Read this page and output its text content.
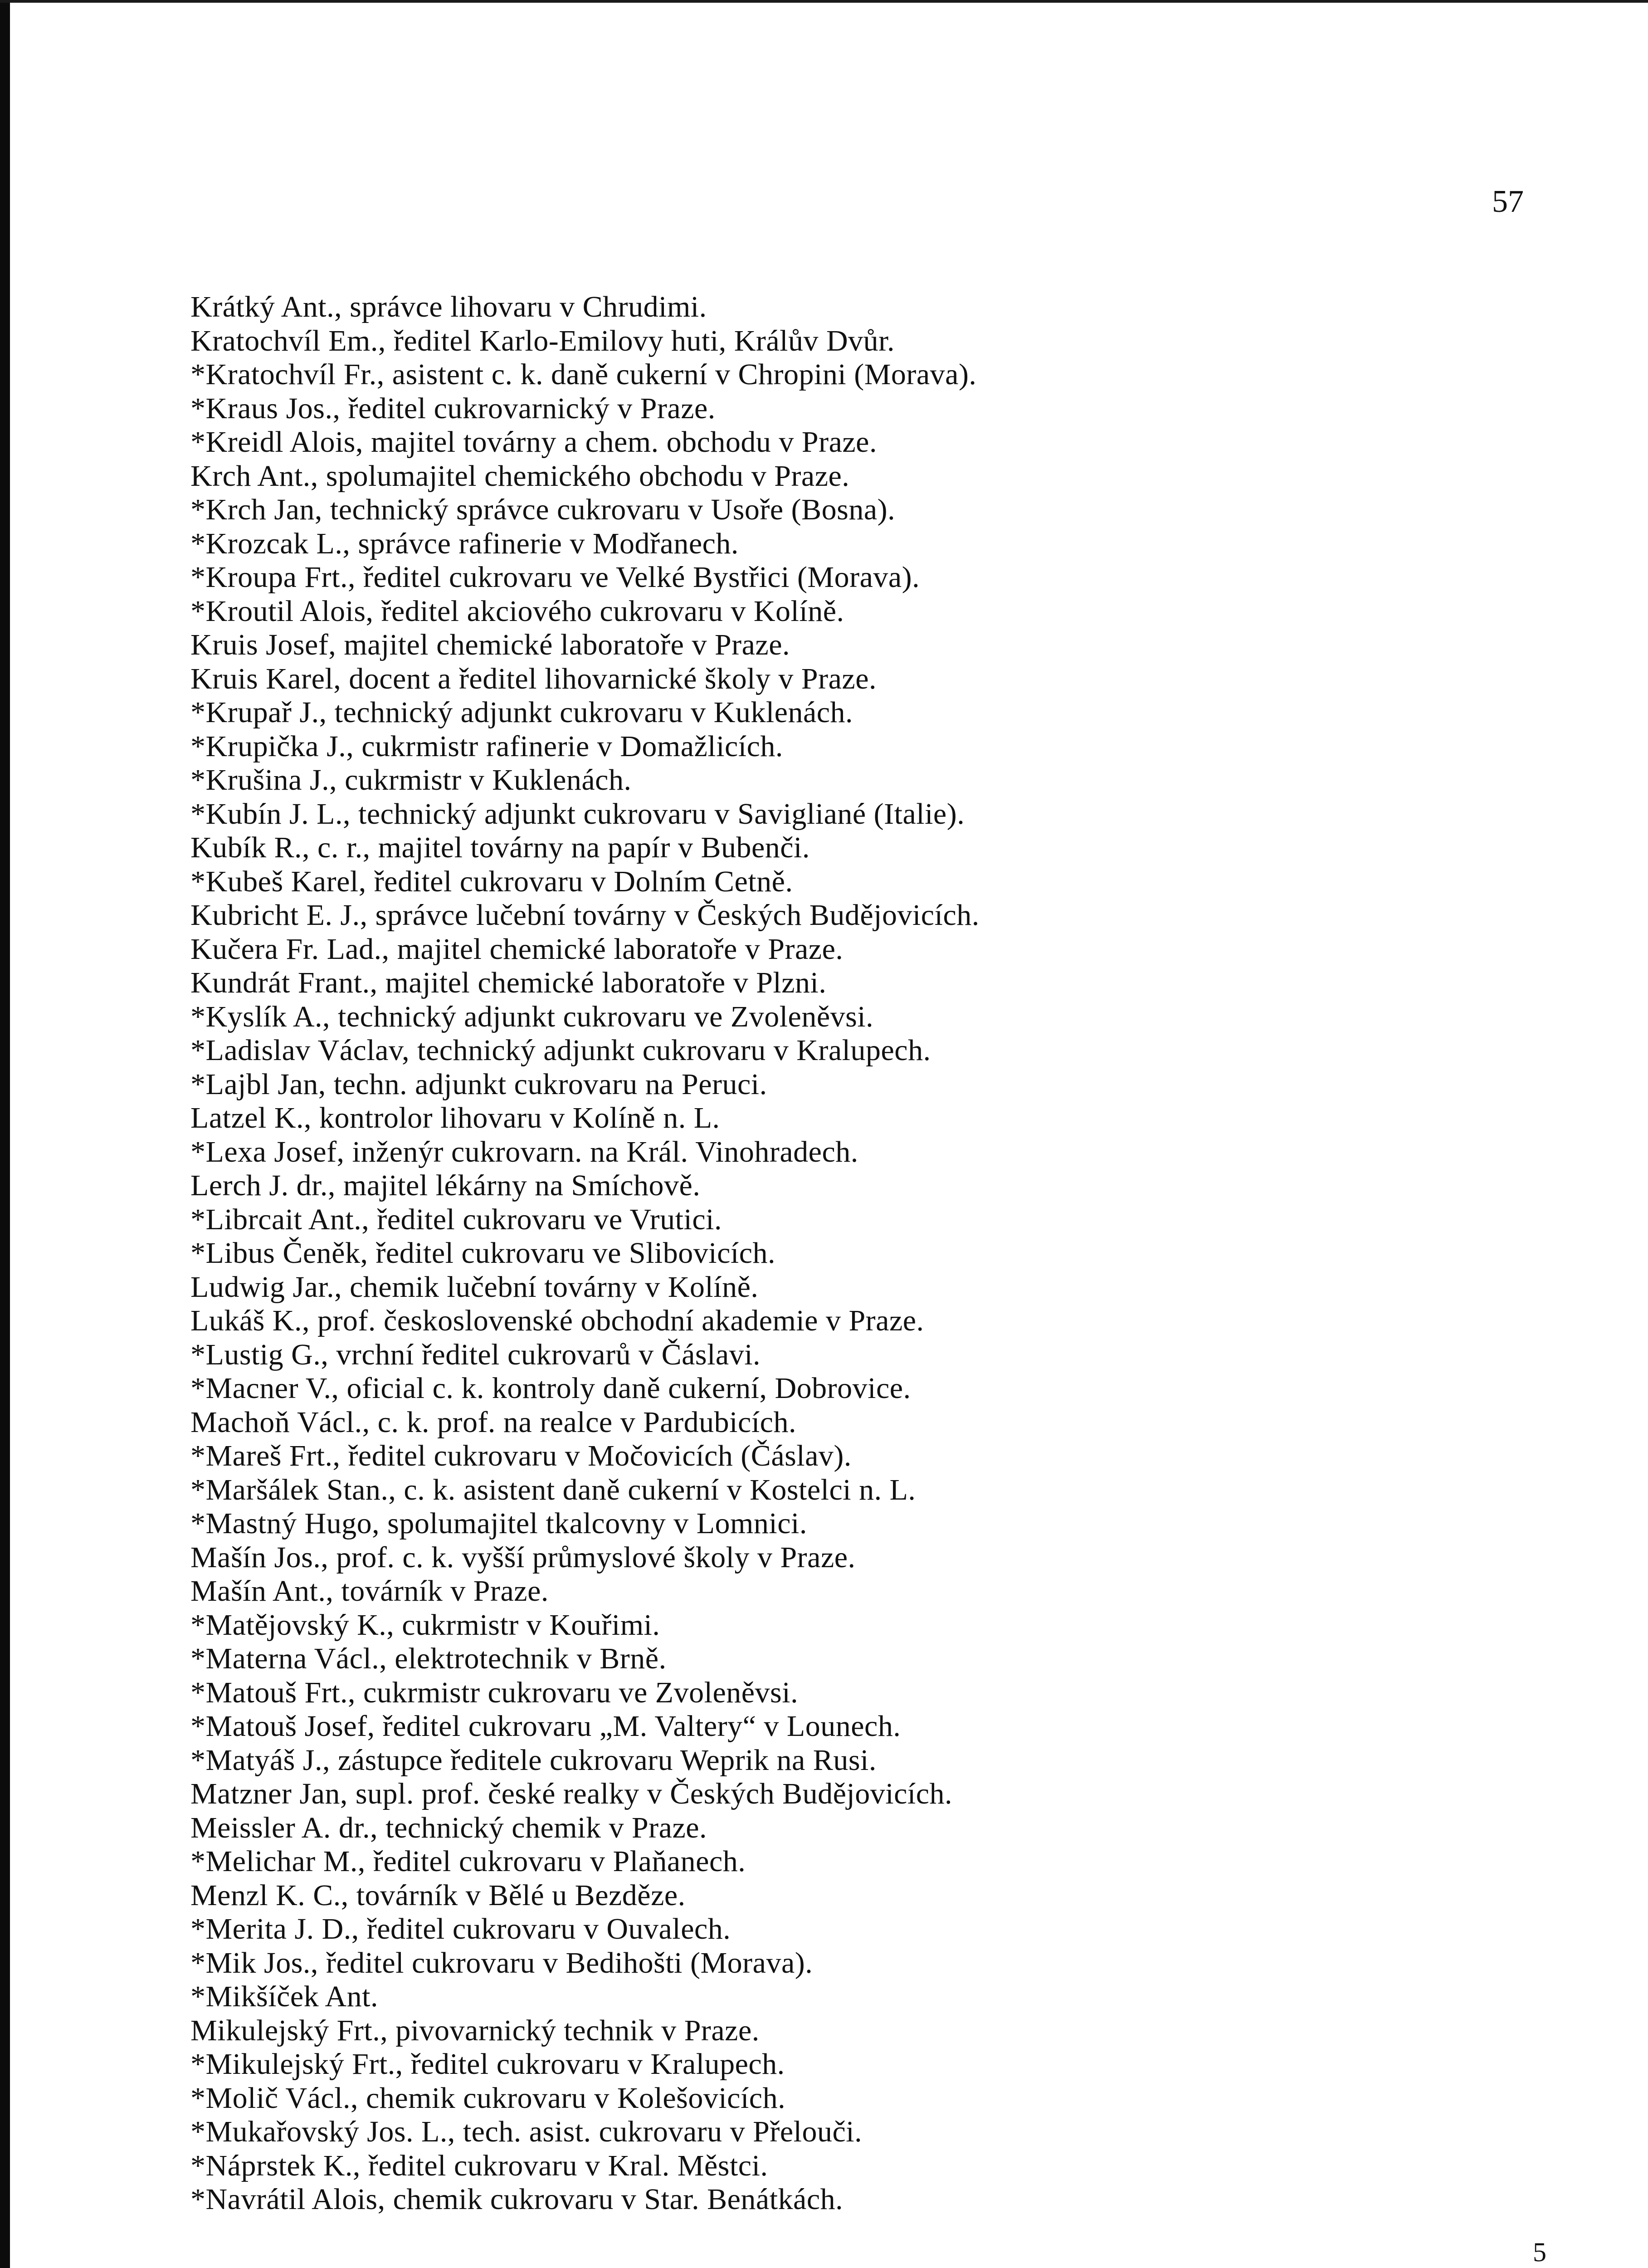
57
Krátký Ant., správce lihovaru v Chrudimi.
Kratochvíl Em., ředitel Karlo-Emilovy huti, Králův Dvůr.
*Kratochvíl Fr., asistent c. k. daně cukerní v Chropini (Morava).
*Kraus Jos., ředitel cukrovarnický v Praze.
*Kreidl Alois, majitel továrny a chem. obchodu v Praze.
Krch Ant., spolumajitel chemického obchodu v Praze.
*Krch Jan, technický správce cukrovaru v Usoře (Bosna).
*Krozcak L., správce rafinerie v Modřanech.
*Kroupa Frt., ředitel cukrovaru ve Velké Bystřici (Morava).
*Kroutil Alois, ředitel akciového cukrovaru v Kolíně.
Kruis Josef, majitel chemické laboratoře v Praze.
Kruis Karel, docent a ředitel lihovarnické školy v Praze.
*Krupař J., technický adjunkt cukrovaru v Kuklenách.
*Krupička J., cukrmistr rafinerie v Domažlicích.
*Krušina J., cukrmistr v Kuklenách.
*Kubín J. L., technický adjunkt cukrovaru v Savigliané (Italie).
Kubík R., c. r., majitel továrny na papír v Bubenči.
*Kubeš Karel, ředitel cukrovaru v Dolním Cetně.
Kubricht E. J., správce lučební továrny v Českých Budějovicích.
Kučera Fr. Lad., majitel chemické laboratoře v Praze.
Kundrát Frant., majitel chemické laboratoře v Plzni.
*Kyslík A., technický adjunkt cukrovaru ve Zvoleněvsi.
*Ladislav Václav, technický adjunkt cukrovaru v Kralupech.
*Lajbl Jan, techn. adjunkt cukrovaru na Peruci.
Latzel K., kontrolor lihovaru v Kolíně n. L.
*Lexa Josef, inženýr cukrovarn. na Král. Vinohradech.
Lerch J. dr., majitel lékárny na Smíchově.
*Librcait Ant., ředitel cukrovaru ve Vrutici.
*Libus Čeněk, ředitel cukrovaru ve Slibovicích.
Ludwig Jar., chemik lučební továrny v Kolíně.
Lukáš K., prof. československé obchodní akademie v Praze.
*Lustig G., vrchní ředitel cukrovarů v Čáslavi.
*Macner V., oficial c. k. kontroly daně cukerní, Dobrovice.
Machoň Václ., c. k. prof. na realce v Pardubicích.
*Mareš Frt., ředitel cukrovaru v Močovicích (Čáslav).
*Maršálek Stan., c. k. asistent daně cukerní v Kostelci n. L.
*Mastný Hugo, spolumajitel tkalcovny v Lomnici.
Mašín Jos., prof. c. k. vyšší průmyslové školy v Praze.
Mašín Ant., továrník v Praze.
*Matějovský K., cukrmistr v Kouřimi.
*Materna Václ., elektrotechnik v Brně.
*Matouš Frt., cukrmistr cukrovaru ve Zvoleněvsi.
*Matouš Josef, ředitel cukrovaru „M. Valtery“ v Lounech.
*Matyáš J., zástupce ředitele cukrovaru Weprik na Rusi.
Matzner Jan, supl. prof. české realky v Českých Budějovicích.
Meissler A. dr., technický chemik v Praze.
*Melichar M., ředitel cukrovaru v Plaňanech.
Menzl K. C., továrník v Bělé u Bezděze.
*Merita J. D., ředitel cukrovaru v Ouvalech.
*Mik Jos., ředitel cukrovaru v Bedihošti (Morava).
*Mikšíček Ant.
Mikulejský Frt., pivovarnický technik v Praze.
*Mikulejský Frt., ředitel cukrovaru v Kralupech.
*Molič Václ., chemik cukrovaru v Kolešovicích.
*Mukařovský Jos. L., tech. asist. cukrovaru v Přelouči.
*Náprstek K., ředitel cukrovaru v Kral. Městci.
*Navrátil Alois, chemik cukrovaru v Star. Benátkách.
5
